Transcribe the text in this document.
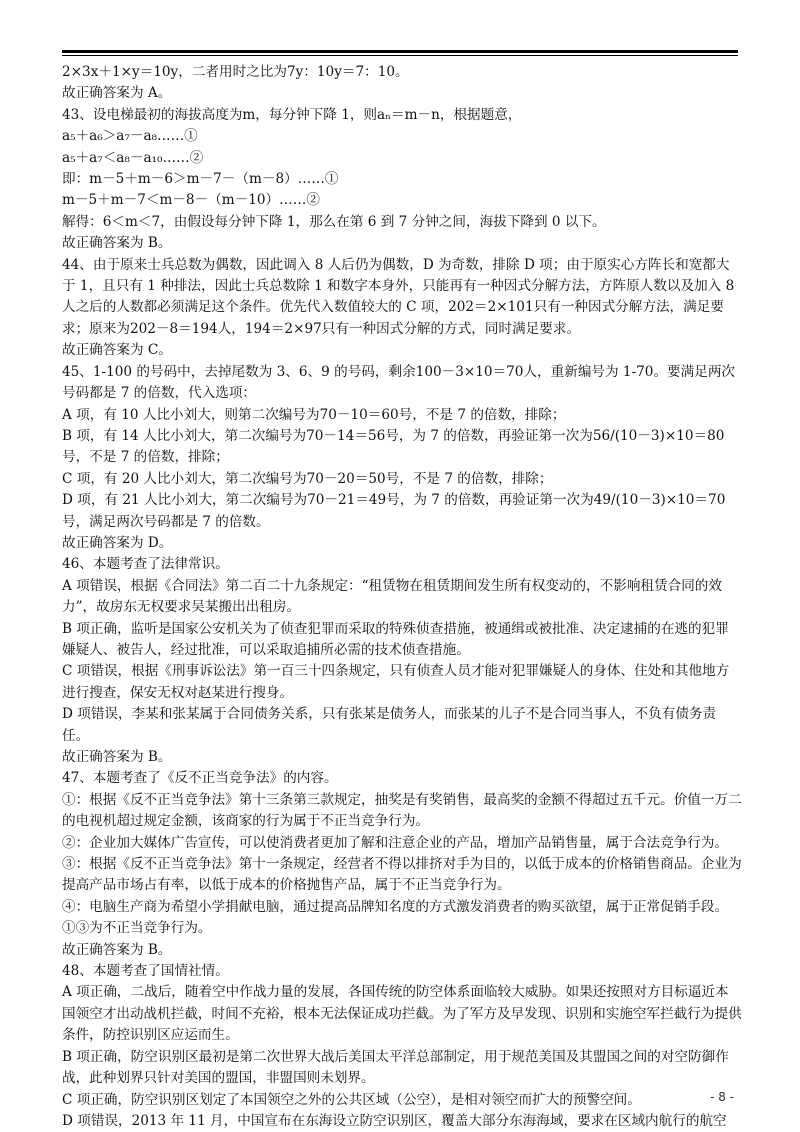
2×3x＋1×y＝10y，二者用时之比为7y：10y＝7：10。
故正确答案为 A。
43、设电梯最初的海拔高度为m，每分钟下降 1，则aₙ＝m－n，根据题意，
a₅＋a₆＞a₇－a₈……①
a₅＋a₇＜a₈－a₁₀……②
即：m－5＋m－6＞m－7－（m－8）……①
m－5＋m－7＜m－8－（m－10）……②
解得：6＜m＜7，由假设每分钟下降 1，那么在第 6 到 7 分钟之间，海拔下降到 0 以下。
故正确答案为 B。
44、由于原来士兵总数为偶数，因此调入 8 人后仍为偶数，D 为奇数，排除 D 项；由于原实心方阵长和宽都大于 1，且只有 1 种排法，因此士兵总数除 1 和数字本身外，只能再有一种因式分解方法，方阵原人数以及加入 8 人之后的人数都必须满足这个条件。优先代入数值较大的 C 项，202＝2×101只有一种因式分解方法，满足要求；原来为202－8＝194人，194＝2×97只有一种因式分解的方式，同时满足要求。
故正确答案为 C。
45、1-100 的号码中，去掉尾数为 3、6、9 的号码，剩余100－3×10＝70人，重新编号为 1-70。要满足两次号码都是 7 的倍数，代入选项：
A 项，有 10 人比小刘大，则第二次编号为70－10＝60号，不是 7 的倍数，排除；
B 项，有 14 人比小刘大，第二次编号为70－14＝56号，为 7 的倍数，再验证第一次为56/(10－3)×10＝80号，不是 7 的倍数，排除；
C 项，有 20 人比小刘大，第二次编号为70－20＝50号，不是 7 的倍数，排除；
D 项，有 21 人比小刘大，第二次编号为70－21＝49号，为 7 的倍数，再验证第一次为49/(10－3)×10＝70号，满足两次号码都是 7 的倍数。
故正确答案为 D。
46、本题考查了法律常识。
A 项错误，根据《合同法》第二百二十九条规定：“租赁物在租赁期间发生所有权变动的，不影响租赁合同的效力”，故房东无权要求吴某搬出出租房。
B 项正确，监听是国家公安机关为了侦查犯罪而采取的特殊侦查措施，被通缉或被批准、决定逮捕的在逃的犯罪嫌疑人、被告人，经过批准，可以采取追捕所必需的技术侦查措施。
C 项错误，根据《刑事诉讼法》第一百三十四条规定，只有侦查人员才能对犯罪嫌疑人的身体、住处和其他地方进行搜查，保安无权对赵某进行搜身。
D 项错误，李某和张某属于合同债务关系，只有张某是债务人，而张某的儿子不是合同当事人，不负有债务责任。
故正确答案为 B。
47、本题考查了《反不正当竞争法》的内容。
①：根据《反不正当竞争法》第十三条第三款规定，抽奖是有奖销售，最高奖的金额不得超过五千元。价值一万二的电视机超过规定金额，该商家的行为属于不正当竞争行为。
②：企业加大媒体广告宣传，可以使消费者更加了解和注意企业的产品，增加产品销售量，属于合法竞争行为。
③：根据《反不正当竞争法》第十一条规定，经营者不得以排挤对手为目的，以低于成本的价格销售商品。企业为提高产品市场占有率，以低于成本的价格抛售产品，属于不正当竞争行为。
④：电脑生产商为希望小学捐献电脑，通过提高品牌知名度的方式激发消费者的购买欲望，属于正常促销手段。
①③为不正当竞争行为。
故正确答案为 B。
48、本题考查了国情社情。
A 项正确，二战后，随着空中作战力量的发展，各国传统的防空体系面临较大威胁。如果还按照对方目标逼近本国领空才出动战机拦截，时间不充裕，根本无法保证成功拦截。为了军方及早发现、识别和实施空军拦截行为提供条件，防控识别区应运而生。
B 项正确，防空识别区最初是第二次世界大战后美国太平洋总部制定，用于规范美国及其盟国之间的对空防御作战，此种划界只针对美国的盟国，非盟国则未划界。
C 项正确，防空识别区划定了本国领空之外的公共区域（公空），是相对领空而扩大的预警空间。
D 项错误，2013 年 11 月，中国宣布在东海设立防空识别区，覆盖大部分东海海域，要求在区域内航行的航空
- 8 -
